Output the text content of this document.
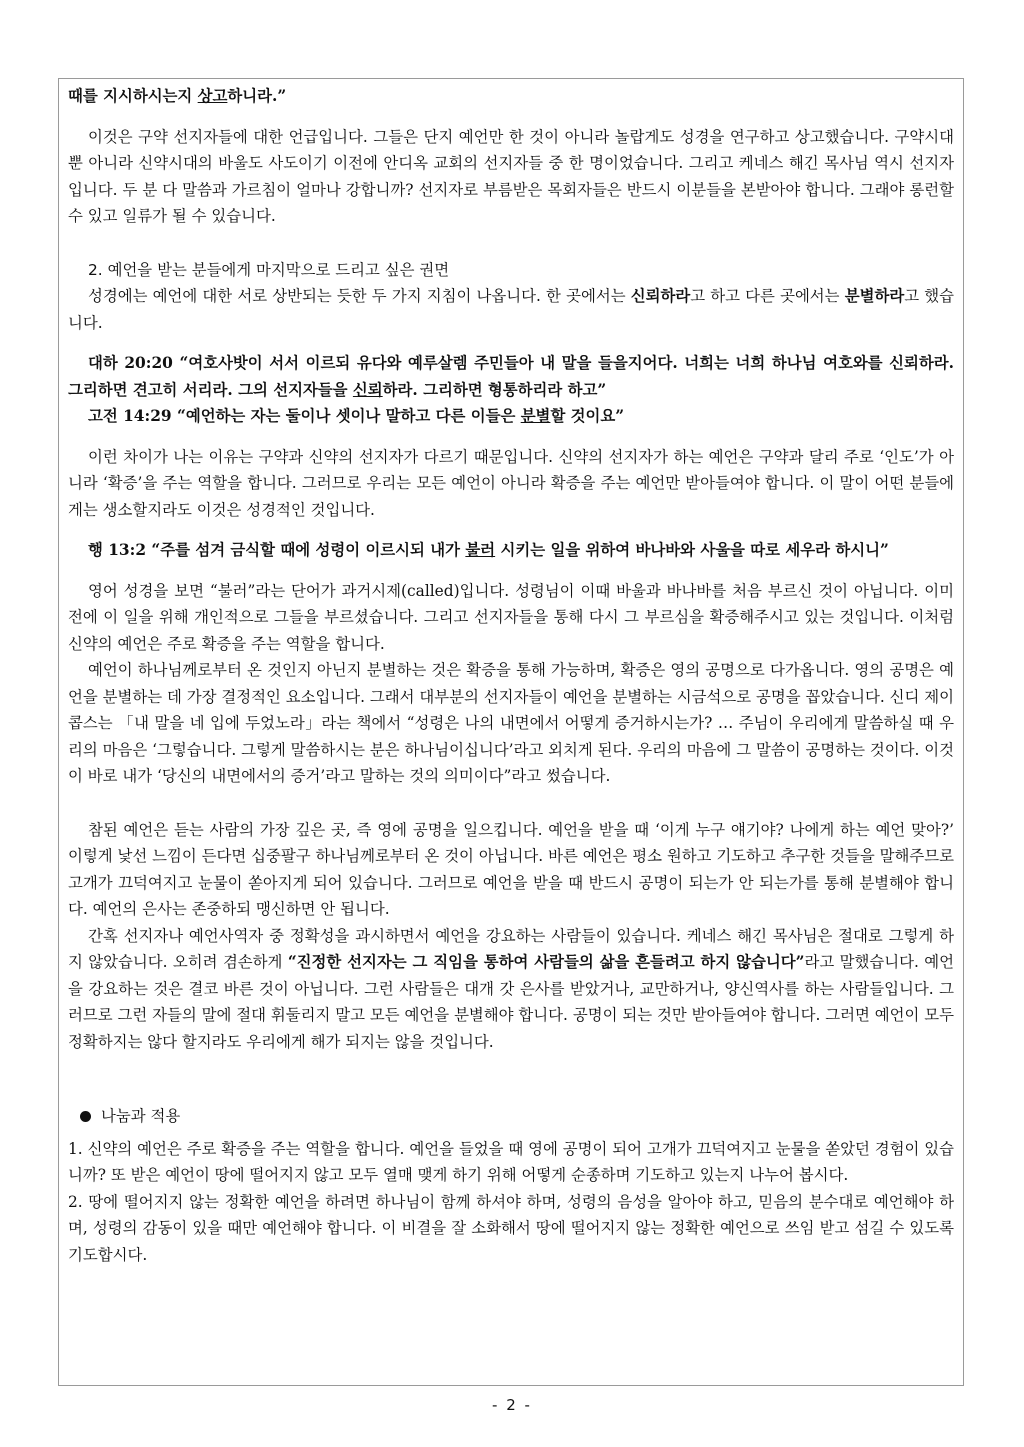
때를 지시하시는지 상고하니라.”

이것은 구약 선지자들에 대한 언급입니다. 그들은 단지 예언만 한 것이 아니라 놀랍게도 성경을 연구하고 상고했습니다. 구약시대뿐 아니라 신약시대의 바울도 사도이기 이전에 안디옥 교회의 선지자들 중 한 명이었습니다. 그리고 케네스 해긴 목사님 역시 선지자입니다. 두 분 다 말씀과 가르침이 얼마나 강합니까? 선지자로 부름받은 목회자들은 반드시 이분들을 본받아야 합니다. 그래야 롱런할 수 있고 일류가 될 수 있습니다.

2. 예언을 받는 분들에게 마지막으로 드리고 싶은 권면

성경에는 예언에 대한 서로 상반되는 듯한 두 가지 지침이 나옵니다. 한 곳에서는 신뢰하라고 하고 다른 곳에서는 분별하라고 했습니다.

대하 20:20 “여호사밧이 서서 이르되 유다와 예루살렘 주민들아 내 말을 들을지어다. 너희는 너희 하나님 여호와를 신뢰하라. 그리하면 견고히 서리라. 그의 선지자들을 신뢰하라. 그리하면 형통하리라 하고”

고전 14:29 “예언하는 자는 둘이나 셋이나 말하고 다른 이들은 분별할 것이요”

이런 차이가 나는 이유는 구약과 신약의 선지자가 다르기 때문입니다. 신약의 선지자가 하는 예언은 구약과 달리 주로 ‘인도’가 아니라 ‘확증’을 주는 역할을 합니다. 그러므로 우리는 모든 예언이 아니라 확증을 주는 예언만 받아들여야 합니다. 이 말이 어떤 분들에게는 생소할지라도 이것은 성경적인 것입니다.

행 13:2 “주를 섬겨 금식할 때에 성령이 이르시되 내가 불러 시키는 일을 위하여 바나바와 사울을 따로 세우라 하시니”

영어 성경을 보면 “불러”라는 단어가 과거시제(called)입니다. 성령님이 이때 바울과 바나바를 처음 부르신 것이 아닙니다. 이미 전에 이 일을 위해 개인적으로 그들을 부르셨습니다. 그리고 선지자들을 통해 다시 그 부르심을 확증해주시고 있는 것입니다. 이처럼 신약의 예언은 주로 확증을 주는 역할을 합니다.

예언이 하나님께로부터 온 것인지 아닌지 분별하는 것은 확증을 통해 가능하며, 확증은 영의 공명으로 다가옵니다. 영의 공명은 예언을 분별하는 데 가장 결정적인 요소입니다. 그래서 대부분의 선지자들이 예언을 분별하는 시금석으로 공명을 꼽았습니다. 신디 제이콥스는 「내 말을 네 입에 두었노라」라는 책에서 “성령은 나의 내면에서 어떻게 증거하시는가? … 주님이 우리에게 말씀하실 때 우리의 마음은 ‘그렇습니다. 그렇게 말씀하시는 분은 하나님이십니다’라고 외치게 된다. 우리의 마음에 그 말씀이 공명하는 것이다. 이것이 바로 내가 ‘당신의 내면에서의 증거’라고 말하는 것의 의미이다”라고 썼습니다.

참된 예언은 듣는 사람의 가장 깊은 곳, 즉 영에 공명을 일으킵니다. 예언을 받을 때 ‘이게 누구 얘기야? 나에게 하는 예언 맞아?’ 이렇게 낯선 느낌이 든다면 십중팔구 하나님께로부터 온 것이 아닙니다. 바른 예언은 평소 원하고 기도하고 추구한 것들을 말해주므로 고개가 끄덕여지고 눈물이 쏟아지게 되어 있습니다. 그러므로 예언을 받을 때 반드시 공명이 되는가 안 되는가를 통해 분별해야 합니다. 예언의 은사는 존중하되 맹신하면 안 됩니다.

간혹 선지자나 예언사역자 중 정확성을 과시하면서 예언을 강요하는 사람들이 있습니다. 케네스 해긴 목사님은 절대로 그렇게 하지 않았습니다. 오히려 겸손하게 “진정한 선지자는 그 직임을 통하여 사람들의 삶을 흔들려고 하지 않습니다”라고 말했습니다. 예언을 강요하는 것은 결코 바른 것이 아닙니다. 그런 사람들은 대개 갓 은사를 받았거나, 교만하거나, 양신역사를 하는 사람들입니다. 그러므로 그런 자들의 말에 절대 휘둘리지 말고 모든 예언을 분별해야 합니다. 공명이 되는 것만 받아들여야 합니다. 그러면 예언이 모두 정확하지는 않다 할지라도 우리에게 해가 되지는 않을 것입니다.

나눔과 적용

1. 신약의 예언은 주로 확증을 주는 역할을 합니다. 예언을 들었을 때 영에 공명이 되어 고개가 끄덕여지고 눈물을 쏟았던 경험이 있습니까? 또 받은 예언이 땅에 떨어지지 않고 모두 열매 맺게 하기 위해 어떻게 순종하며 기도하고 있는지 나누어 봅시다.

2. 땅에 떨어지지 않는 정확한 예언을 하려면 하나님이 함께 하셔야 하며, 성령의 음성을 알아야 하고, 믿음의 분수대로 예언해야 하며, 성령의 감동이 있을 때만 예언해야 합니다. 이 비결을 잘 소화해서 땅에 떨어지지 않는 정확한 예언으로 쓰임 받고 섬길 수 있도록 기도합시다.

- 2 -
